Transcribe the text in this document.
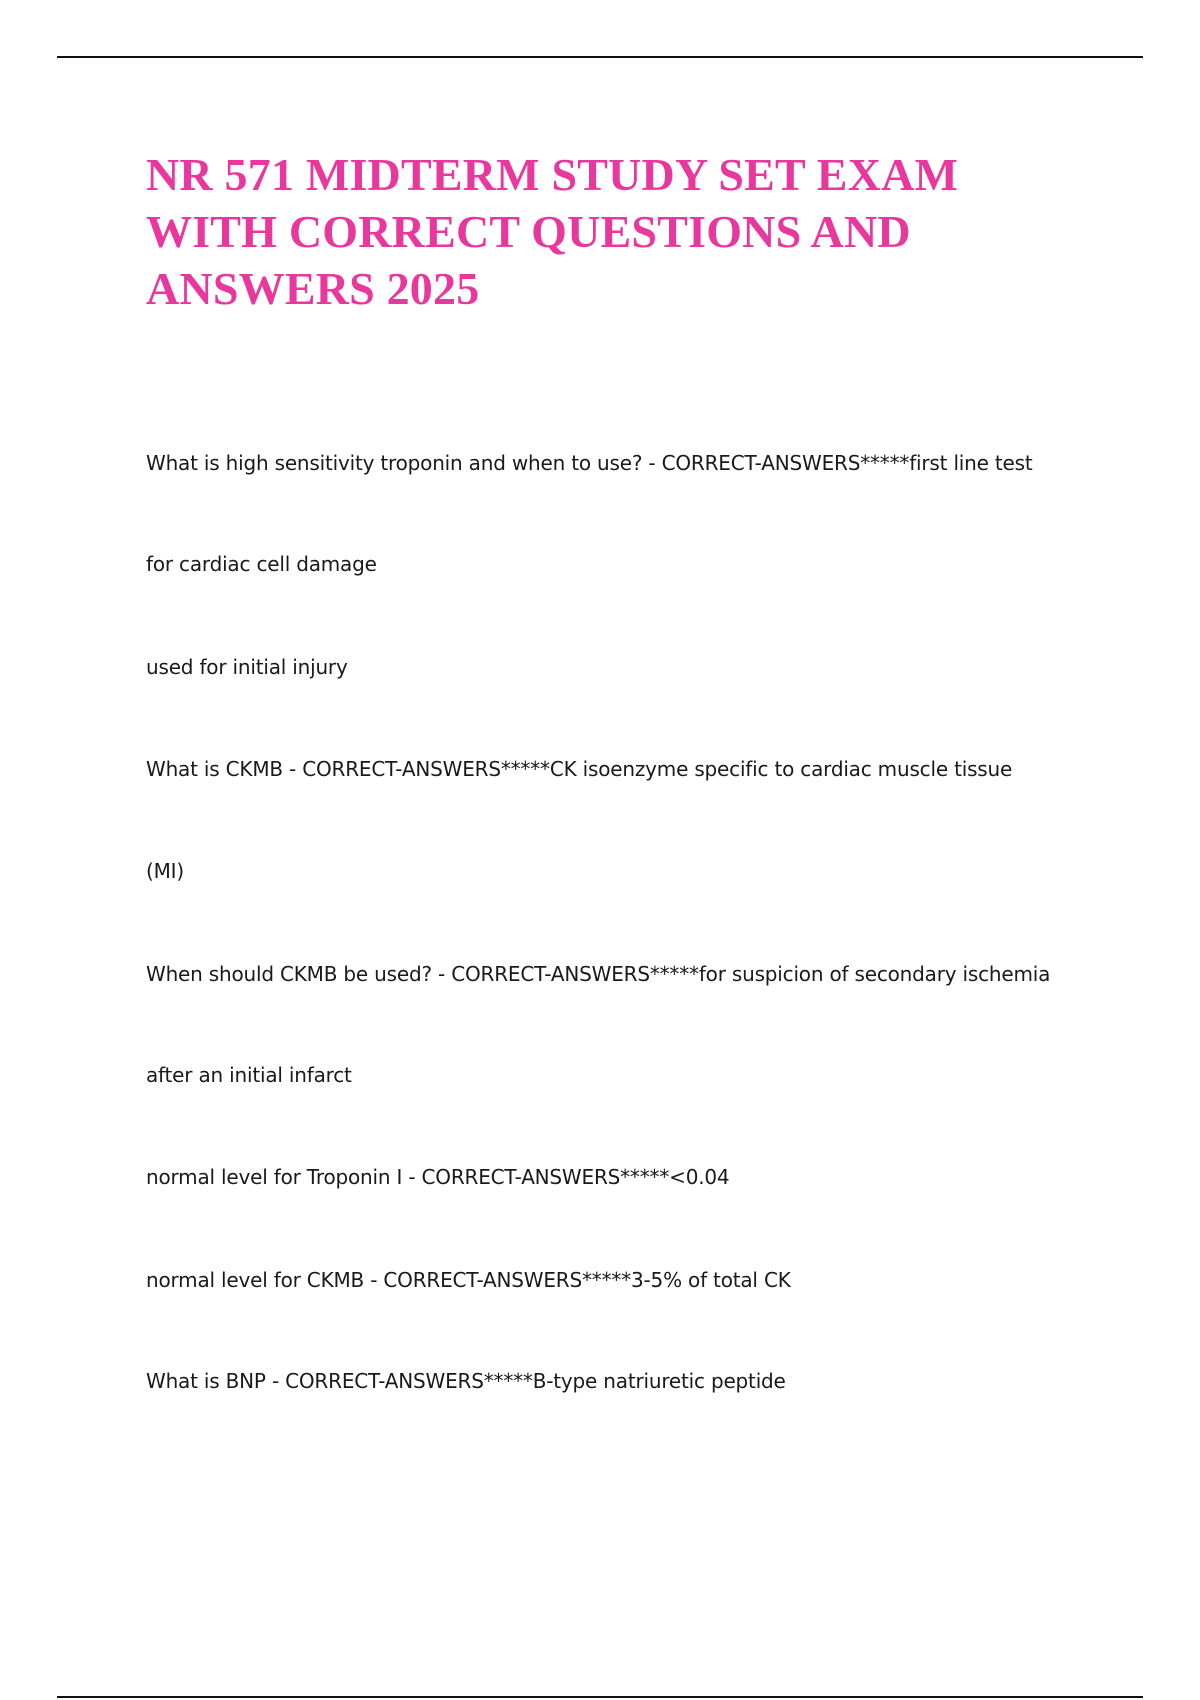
NR 571 MIDTERM STUDY SET EXAM WITH CORRECT QUESTIONS AND ANSWERS 2025

What is high sensitivity troponin and when to use? - CORRECT-ANSWERS*****first line test

for cardiac cell damage

used for initial injury

What is CKMB - CORRECT-ANSWERS*****CK isoenzyme specific to cardiac muscle tissue

(MI)

When should CKMB be used? - CORRECT-ANSWERS*****for suspicion of secondary ischemia

after an initial infarct

normal level for Troponin I - CORRECT-ANSWERS*****<0.04

normal level for CKMB - CORRECT-ANSWERS*****3-5% of total CK

What is BNP - CORRECT-ANSWERS*****B-type natriuretic peptide
